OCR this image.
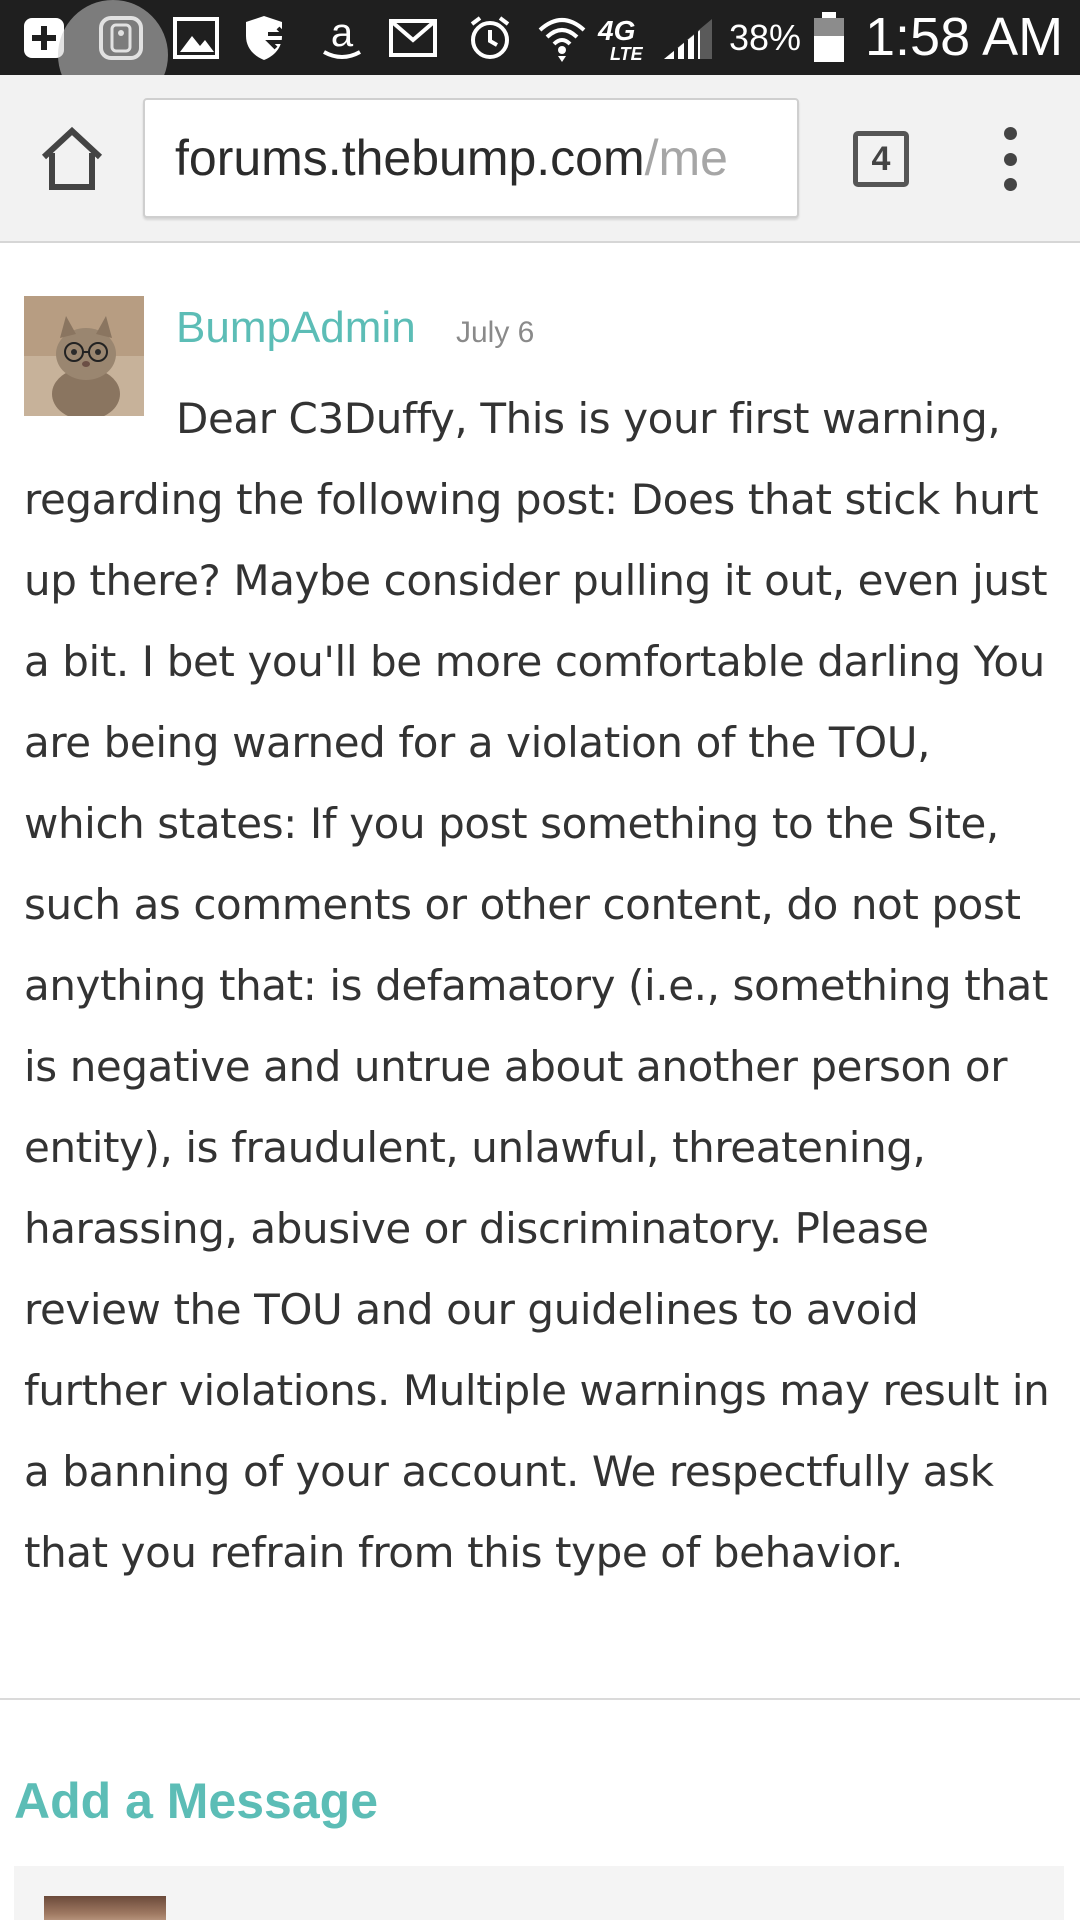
a	4G
LTE 38% 1:58 AM
forums.thebump.com/me	4
BumpAdmin July 6
Dear C3Duffy, This is your first warning, regarding the following post: Does that stick hurt up there? Maybe consider pulling it out, even just a bit. I bet you'll be more comfortable darling You are being warned for a violation of the TOU, which states: If you post something to the Site, such as comments or other content, do not post anything that: is defamatory (i.e., something that is negative and untrue about another person or entity), is fraudulent, unlawful, threatening, harassing, abusive or discriminatory. Please review the TOU and our guidelines to avoid further violations. Multiple warnings may result in a banning of your account. We respectfully ask that you refrain from this type of behavior.
Add a Message
